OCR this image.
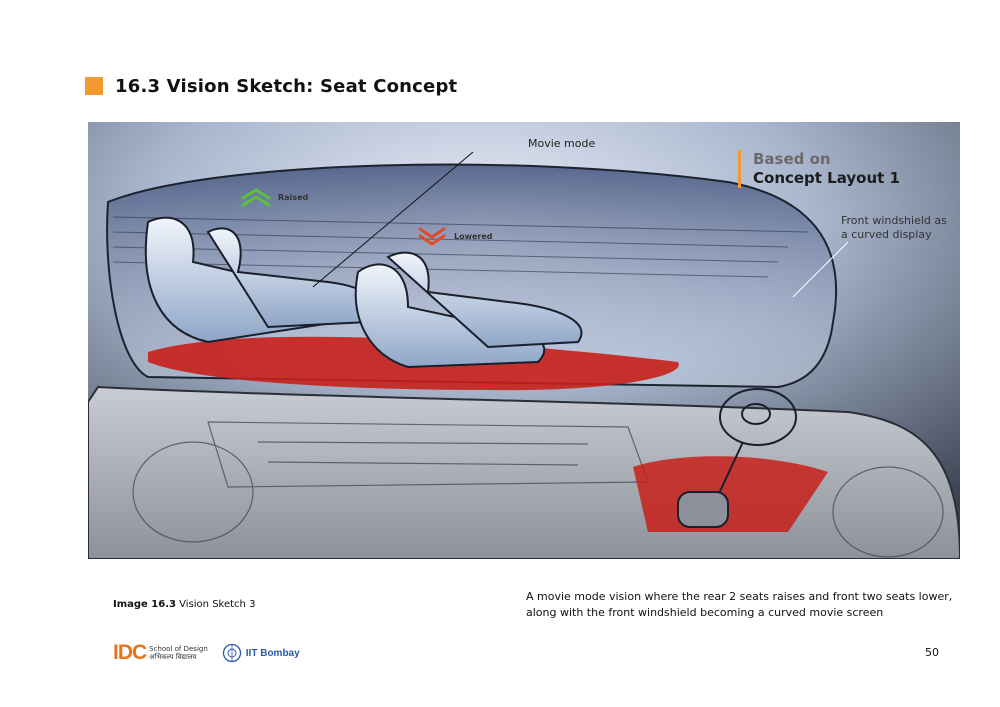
16.3 Vision Sketch: Seat Concept
Movie mode
Raised
Lowered
Based on
Concept Layout 1
Front windshield as a curved display
Image 16.3 Vision Sketch 3
A movie mode vision where the rear 2 seats raises and front two seats lower, along with the front windshield becoming a curved movie screen
IDC School of Design
अभिकल्प विद्यालय	IIT Bombay	50
